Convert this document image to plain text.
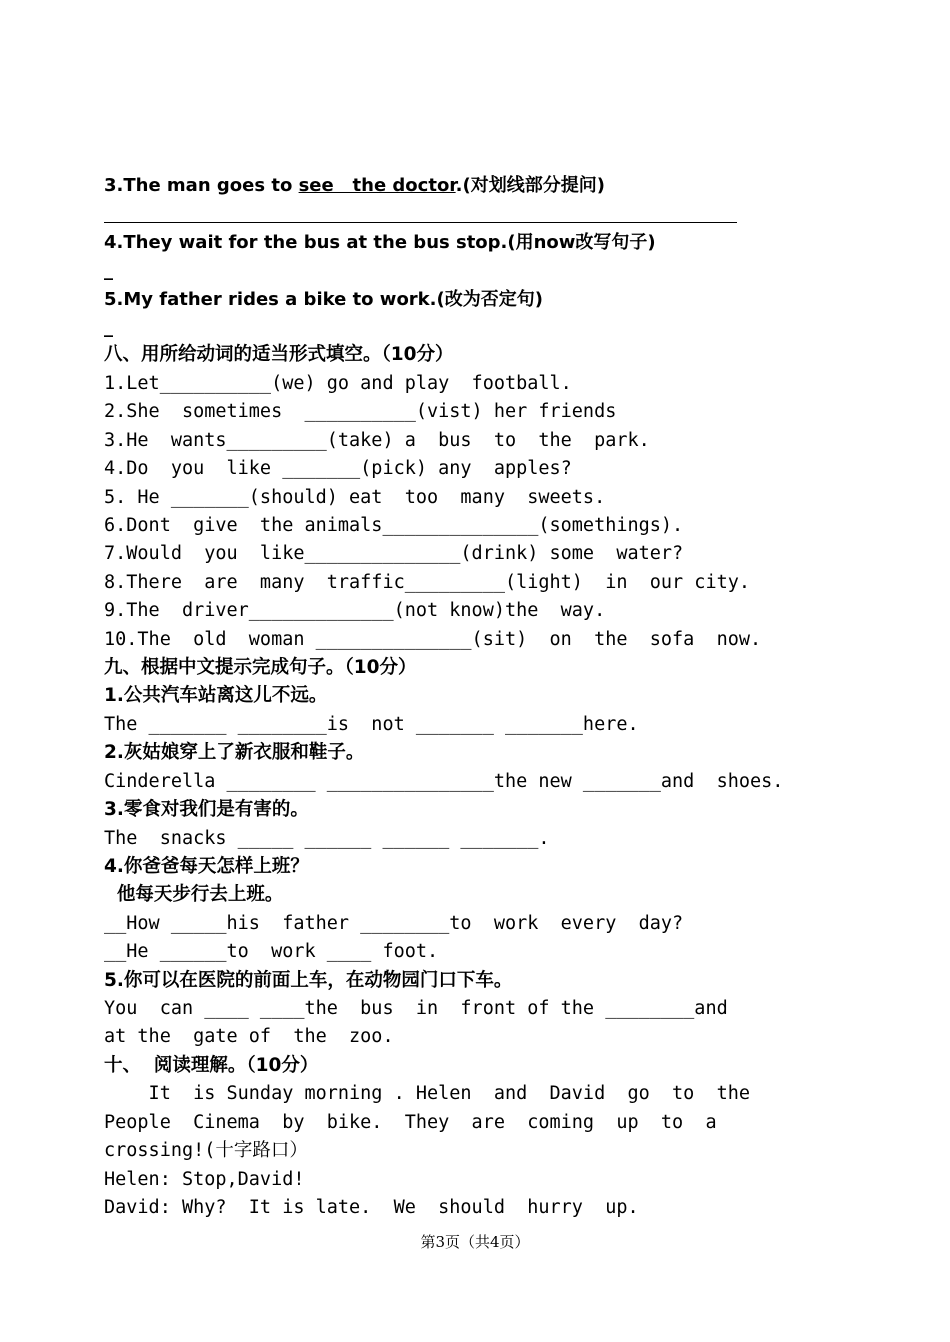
3.The man goes to see   the doctor.(对划线部分提问)
4.They wait for the bus at the bus stop.(用now改写句子)
_
5.My father rides a bike to work.(改为否定句)
_
八、用所给动词的适当形式填空。（10分）
1.Let__________(we) go and play  football.
2.She  sometimes  __________(vist) her friends
3.He  wants_________(take) a  bus  to  the  park.
4.Do  you  like _______(pick) any  apples?
5. He _______(should) eat  too  many  sweets.
6.Dont  give  the animals______________(somethings).
7.Would  you  like______________(drink) some  water?
8.There  are  many  traffic_________(light)  in  our city.
9.The  driver_____________(not know)the  way.
10.The  old  woman ______________(sit)  on  the  sofa  now.
九、根据中文提示完成句子。（10分）
1.公共汽车站离这儿不远。
The _______ ________is  not _______ _______here.
2.灰姑娘穿上了新衣服和鞋子。
Cinderella ________ _______________the new _______and  shoes.
3.零食对我们是有害的。
The  snacks _____ ______ ______ _______.
4.你爸爸每天怎样上班？
他每天步行去上班。
__How _____his  father ________to  work  every  day?
__He ______to  work ____ foot.
5.你可以在医院的前面上车，在动物园门口下车。
You  can ____ ____the  bus  in  front of the ________and
at the  gate of  the  zoo.
十、  阅读理解。（10分）
It  is Sunday morning . Helen  and  David  go  to  the
People  Cinema  by  bike.  They  are  coming  up  to  a
crossing!(十字路口）
Helen: Stop,David!
David: Why?  It is late.  We  should  hurry  up.
第3页（共4页）
